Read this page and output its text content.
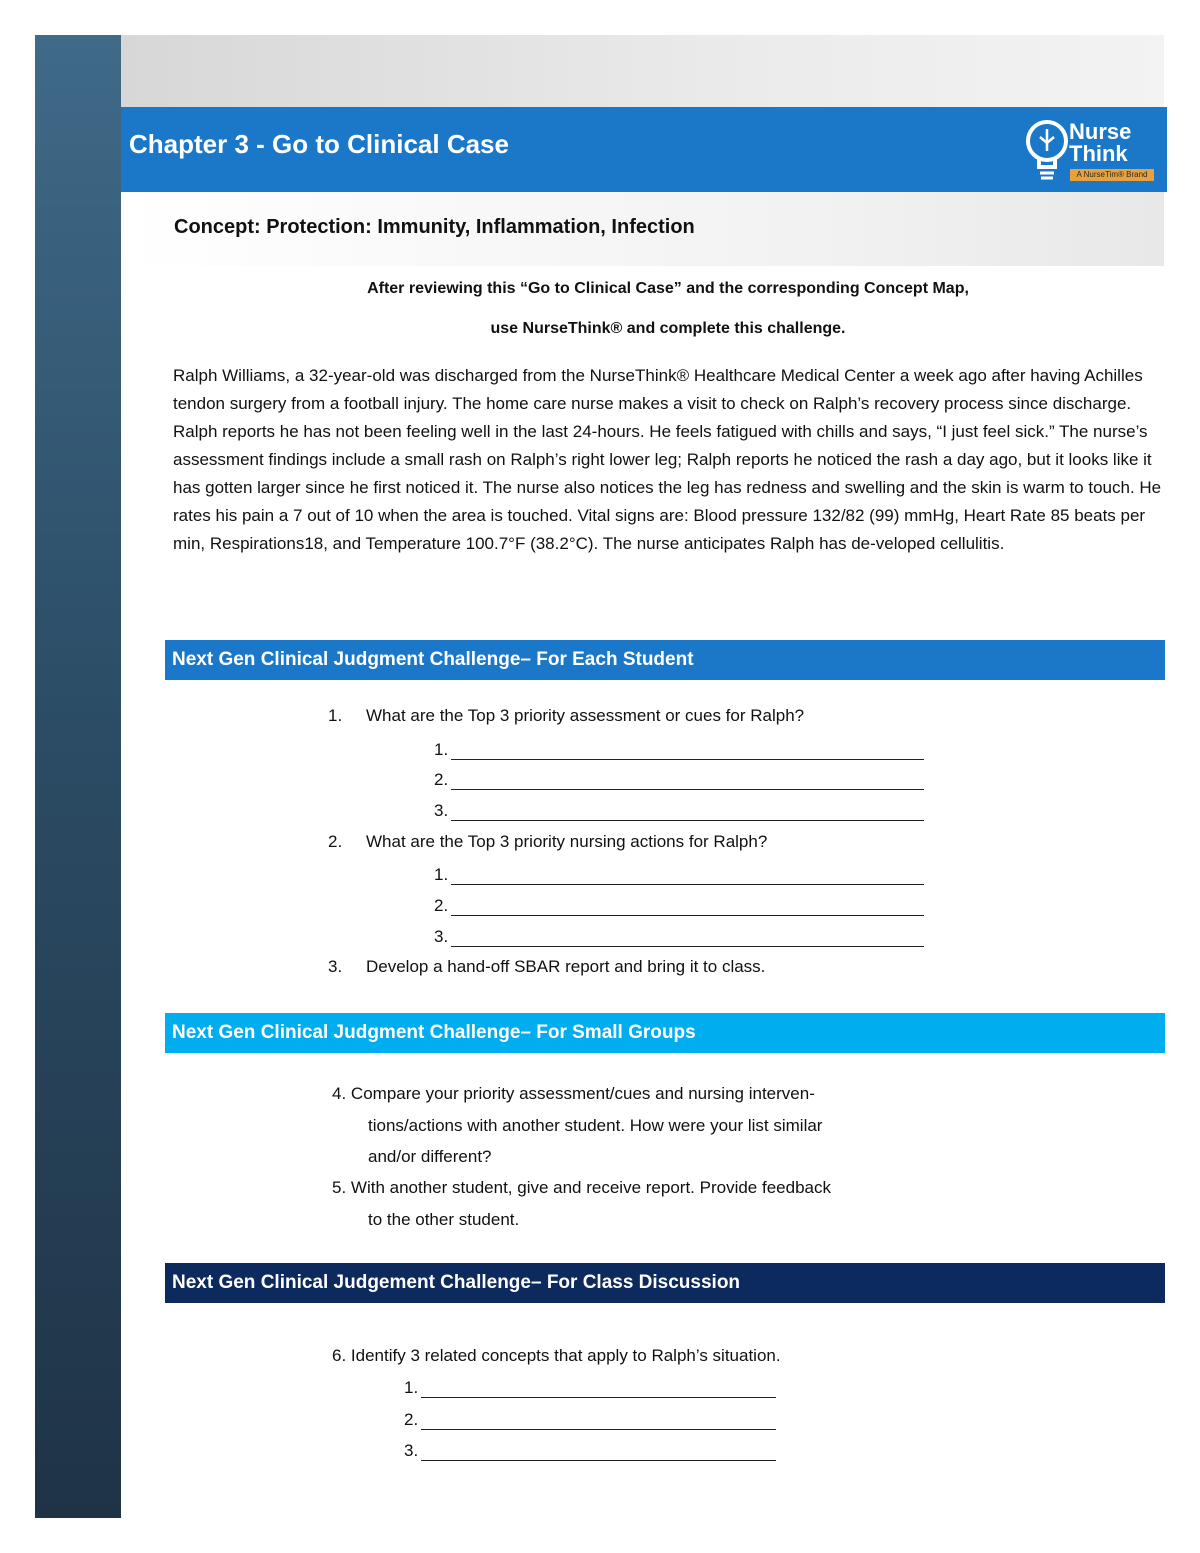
Chapter 3 - Go to Clinical Case	Nurse
Think
A NurseTim® Brand
Concept: Protection: Immunity, Inflammation, Infection
After reviewing this “Go to Clinical Case” and the corresponding Concept Map,
use NurseThink® and complete this challenge.

Ralph Williams, a 32-year-old was discharged from the NurseThink® Healthcare Medical Center a week ago after having Achilles tendon surgery from a football injury. The home care nurse makes a visit to check on Ralph’s recovery process since discharge. Ralph reports he has not been feeling well in the last 24-hours. He feels fatigued with chills and says, “I just feel sick.” The nurse’s assessment findings include a small rash on Ralph’s right lower leg; Ralph reports he noticed the rash a day ago, but it looks like it has gotten larger since he first noticed it. The nurse also notices the leg has redness and swelling and the skin is warm to touch. He rates his pain a 7 out of 10 when the area is touched. Vital signs are: Blood pressure 132/82 (99) mmHg, Heart Rate 85 beats per min, Respirations18, and Temperature 100.7°F (38.2°C). The nurse anticipates Ralph has de-veloped cellulitis.

Next Gen Clinical Judgment Challenge– For Each Student
1. What are the Top 3 priority assessment or cues for Ralph?
1.
2.
3.
2. What are the Top 3 priority nursing actions for Ralph?
1.
2.
3.
3. Develop a hand-off SBAR report and bring it to class.
Next Gen Clinical Judgment Challenge– For Small Groups
4. Compare your priority assessment/cues and nursing interven-
tions/actions with another student. How were your list similar
and/or different?
5. With another student, give and receive report. Provide feedback
to the other student.
Next Gen Clinical Judgement Challenge– For Class Discussion
6. Identify 3 related concepts that apply to Ralph’s situation.
1.
2.
3.
